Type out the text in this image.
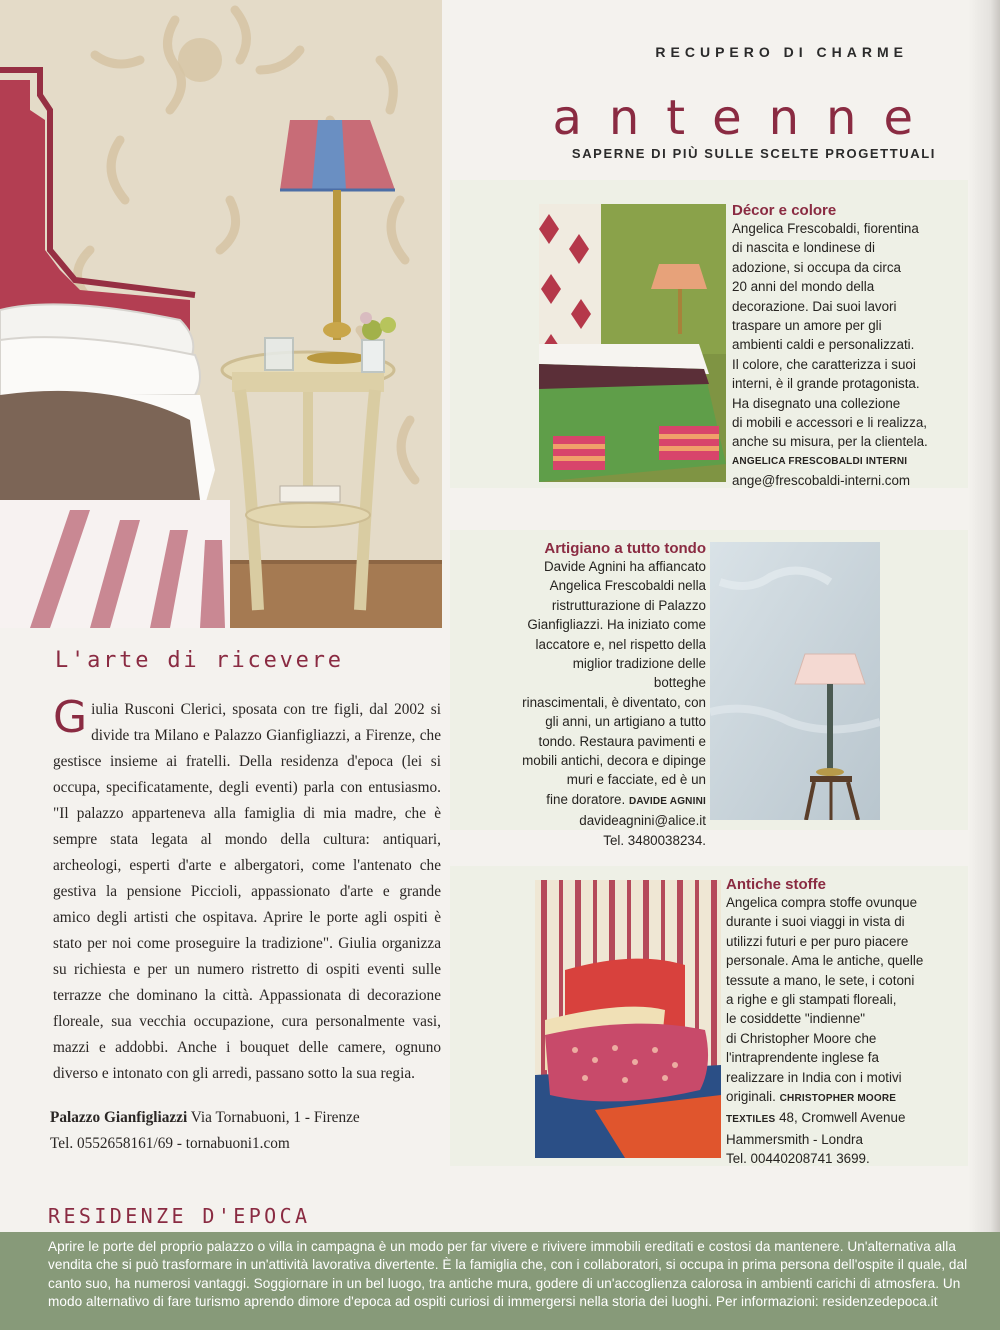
RECUPERO DI CHARME
antenne
SAPERNE DI PIÙ SULLE SCELTE PROGETTUALI
Décor e colore
Angelica Frescobaldi, fiorentina
di nascita e londinese di
adozione, si occupa da circa
20 anni del mondo della
decorazione. Dai suoi lavori
traspare un amore per gli
ambienti caldi e personalizzati.
Il colore, che caratterizza i suoi
interni, è il grande protagonista.
Ha disegnato una collezione
di mobili e accessori e li realizza,
anche su misura, per la clientela.
ANGELICA FRESCOBALDI INTERNI
ange@frescobaldi-interni.com
Artigiano a tutto tondo
Davide Agnini ha affiancato
Angelica Frescobaldi nella
ristrutturazione di Palazzo
Gianfigliazzi. Ha iniziato come
laccatore e, nel rispetto della
miglior tradizione delle botteghe
rinascimentali, è diventato, con
gli anni, un artigiano a tutto
tondo. Restaura pavimenti e
mobili antichi, decora e dipinge
muri e facciate, ed è un
fine doratore. DAVIDE AGNINI
davideagnini@alice.it
Tel. 3480038234.
Antiche stoffe
Angelica compra stoffe ovunque
durante i suoi viaggi in vista di
utilizzi futuri e per puro piacere
personale. Ama le antiche, quelle
tessute a mano, le sete, i cotoni
a righe e gli stampati floreali,
le cosiddette "indienne"
di Christopher Moore che
l'intraprendente inglese fa
realizzare in India con i motivi
originali. CHRISTOPHER MOORE
TEXTILES 48, Cromwell Avenue
Hammersmith - Londra
Tel. 00440208741 3699.
L'arte di ricevere
Giulia Rusconi Clerici, sposata con tre figli, dal 2002 si divide tra Milano e Palazzo Gianfigliazzi, a Firenze, che gestisce insieme ai fratelli. Della residenza d'epoca (lei si occupa, specificatamente, degli eventi) parla con entusiasmo. "Il palazzo apparteneva alla famiglia di mia madre, che è sempre stata legata al mondo della cultura: antiquari, archeologi, esperti d'arte e albergatori, come l'antenato che gestiva la pensione Piccioli, appassionato d'arte e grande amico degli artisti che ospitava. Aprire le porte agli ospiti è stato per noi come proseguire la tradizione". Giulia organizza su richiesta e per un numero ristretto di ospiti eventi sulle terrazze che dominano la città. Appassionata di decorazione floreale, sua vecchia occupazione, cura personalmente vasi, mazzi e addobbi. Anche i bouquet delle camere, ognuno diverso e intonato con gli arredi, passano sotto la sua regia.
Palazzo Gianfigliazzi Via Tornabuoni, 1 - Firenze
Tel. 0552658161/69 - tornabuoni1.com
RESIDENZE D'EPOCA
Aprire le porte del proprio palazzo o villa in campagna è un modo per far vivere e rivivere immobili ereditati e costosi da mantenere. Un'alternativa alla vendita che si può trasformare in un'attività lavorativa divertente. È la famiglia che, con i collaboratori, si occupa in prima persona dell'ospite il quale, dal canto suo, ha numerosi vantaggi. Soggiornare in un bel luogo, tra antiche mura, godere di un'accoglienza calorosa in ambienti carichi di atmosfera. Un modo alternativo di fare turismo aprendo dimore d'epoca ad ospiti curiosi di immergersi nella storia dei luoghi. Per informazioni: residenzedepoca.it
